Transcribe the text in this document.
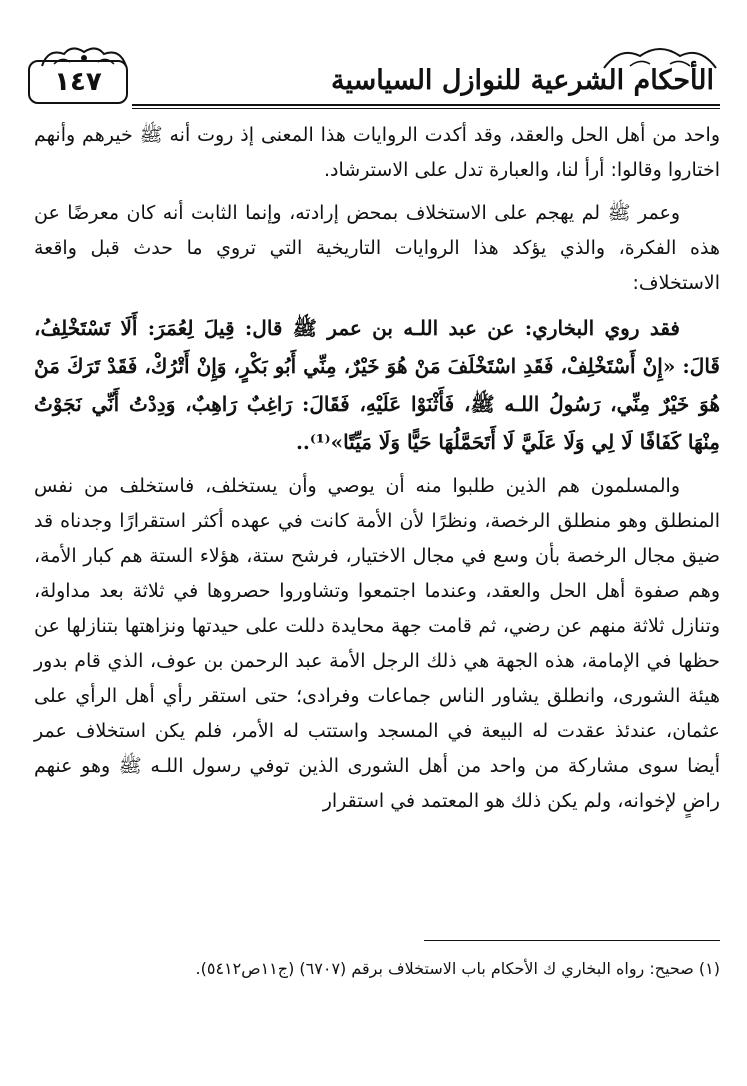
١٤٧	الأحكام الشرعية للنوازل السياسية

واحد من أهل الحل والعقد، وقد أكدت الروايات هذا المعنى إذ روت أنه ﷺ خيرهم وأنهم اختاروا وقالوا: أرأ لنا، والعبارة تدل على الاسترشاد.

وعمر ﷺ لم يهجم على الاستخلاف بمحض إرادته، وإنما الثابت أنه كان معرضًا عن هذه الفكرة، والذي يؤكد هذا الروايات التاريخية التي تروي ما حدث قبل واقعة الاستخلاف:

فقد روي البخاري: عن عبد اللـه بن عمر ﷺ قال: قِيلَ لِعُمَرَ: أَلَا تَسْتَخْلِفُ، قَالَ: «إِنْ أَسْتَخْلِفْ، فَقَدِ اسْتَخْلَفَ مَنْ هُوَ خَيْرٌ، مِنِّي أَبُو بَكْرٍ، وَإِنْ أَتْرُكْ، فَقَدْ تَرَكَ مَنْ هُوَ خَيْرٌ مِنِّي، رَسُولُ اللـه ﷺ، فَأَثْنَوْا عَلَيْهِ، فَقَالَ: رَاغِبٌ رَاهِبٌ، وَدِدْتُ أَنِّي نَجَوْتُ مِنْهَا كَفَافًا لَا لِي وَلَا عَلَيَّ لَا أَتَحَمَّلُهَا حَيًّا وَلَا مَيِّتًا»⁽¹⁾..

والمسلمون هم الذين طلبوا منه أن يوصي وأن يستخلف، فاستخلف من نفس المنطلق وهو منطلق الرخصة، ونظرًا لأن الأمة كانت في عهده أكثر استقرارًا وجدناه قد ضيق مجال الرخصة بأن وسع في مجال الاختيار، فرشح ستة، هؤلاء الستة هم كبار الأمة، وهم صفوة أهل الحل والعقد، وعندما اجتمعوا وتشاوروا حصروها في ثلاثة بعد مداولة، وتنازل ثلاثة منهم عن رضي، ثم قامت جهة محايدة دللت على حيدتها ونزاهتها بتنازلها عن حظها في الإمامة، هذه الجهة هي ذلك الرجل الأمة عبد الرحمن بن عوف، الذي قام بدور هيئة الشورى، وانطلق يشاور الناس جماعات وفرادى؛ حتى استقر رأي أهل الرأي على عثمان، عندئذ عقدت له البيعة في المسجد واستتب له الأمر، فلم يكن استخلاف عمر أيضا سوى مشاركة من واحد من أهل الشورى الذين توفي رسول اللـه ﷺ وهو عنهم راضٍ لإخوانه، ولم يكن ذلك هو المعتمد في استقرار

(١) صحيح: رواه البخاري ك الأحكام باب الاستخلاف برقم (٦٧٠٧) (ج١١ص٥٤١٢).
